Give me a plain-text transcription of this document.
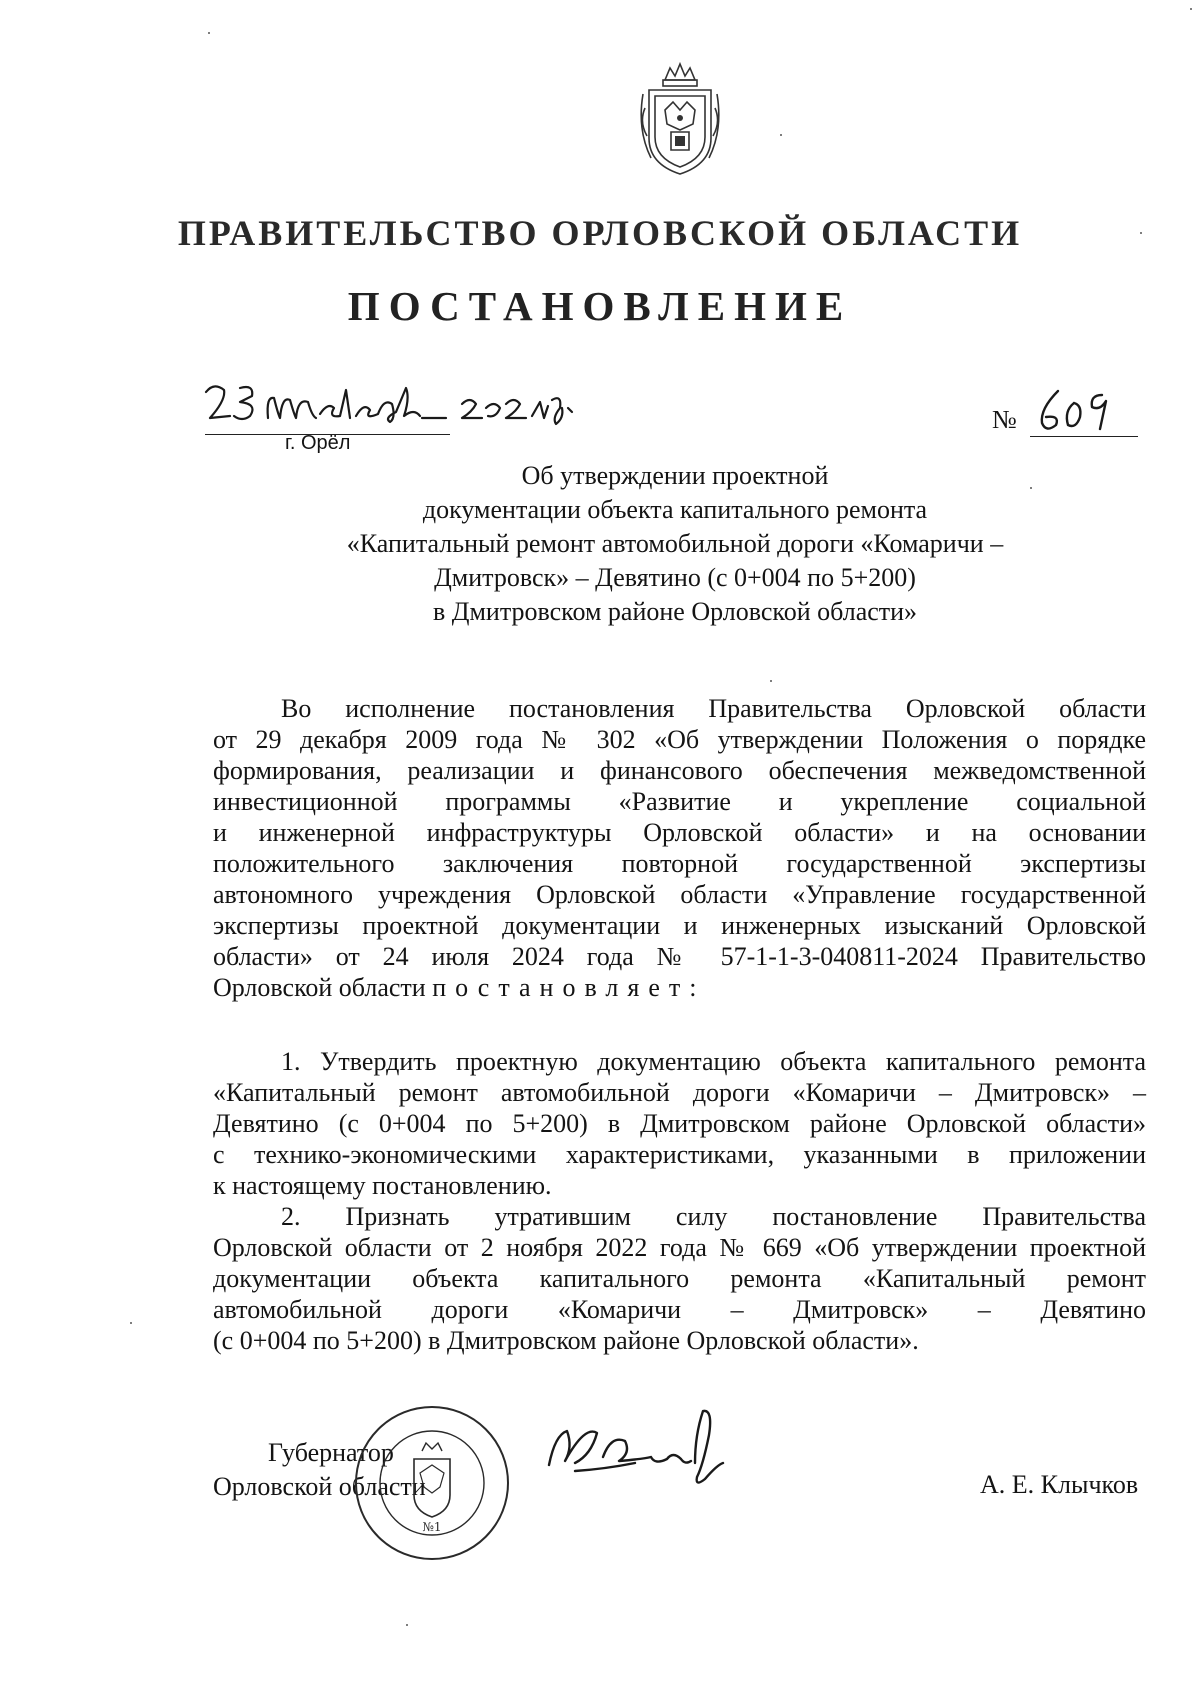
ПРАВИТЕЛЬСТВО ОРЛОВСКОЙ ОБЛАСТИ
ПОСТАНОВЛЕНИЕ
г. Орёл
№
Об утверждении проектной
документации объекта капитального ремонта
«Капитальный ремонт автомобильной дороги «Комаричи –
Дмитровск» – Девятино (с 0+004 по 5+200)
в Дмитровском районе Орловской области»
Во исполнение постановления Правительства Орловской области
от 29 декабря 2009 года № 302 «Об утверждении Положения о порядке
формирования, реализации и финансового обеспечения межведомственной
инвестиционной программы «Развитие и укрепление социальной
и инженерной инфраструктуры Орловской области» и на основании
положительного заключения повторной государственной экспертизы
автономного учреждения Орловской области «Управление государственной
экспертизы проектной документации и инженерных изысканий Орловской
области» от 24 июля 2024 года № 57-1-1-3-040811-2024 Правительство
Орловской области постановляет:
1. Утвердить проектную документацию объекта капитального ремонта
«Капитальный ремонт автомобильной дороги «Комаричи – Дмитровск» –
Девятино (с 0+004 по 5+200) в Дмитровском районе Орловской области»
с технико-экономическими характеристиками, указанными в приложении
к настоящему постановлению.
2. Признать утратившим силу постановление Правительства
Орловской области от 2 ноября 2022 года № 669 «Об утверждении проектной
документации объекта капитального ремонта «Капитальный ремонт
автомобильной дороги «Комаричи – Дмитровск» – Девятино
(с 0+004 по 5+200) в Дмитровском районе Орловской области».
Губернатор
Орловской области
№1
А. Е. Клычков
